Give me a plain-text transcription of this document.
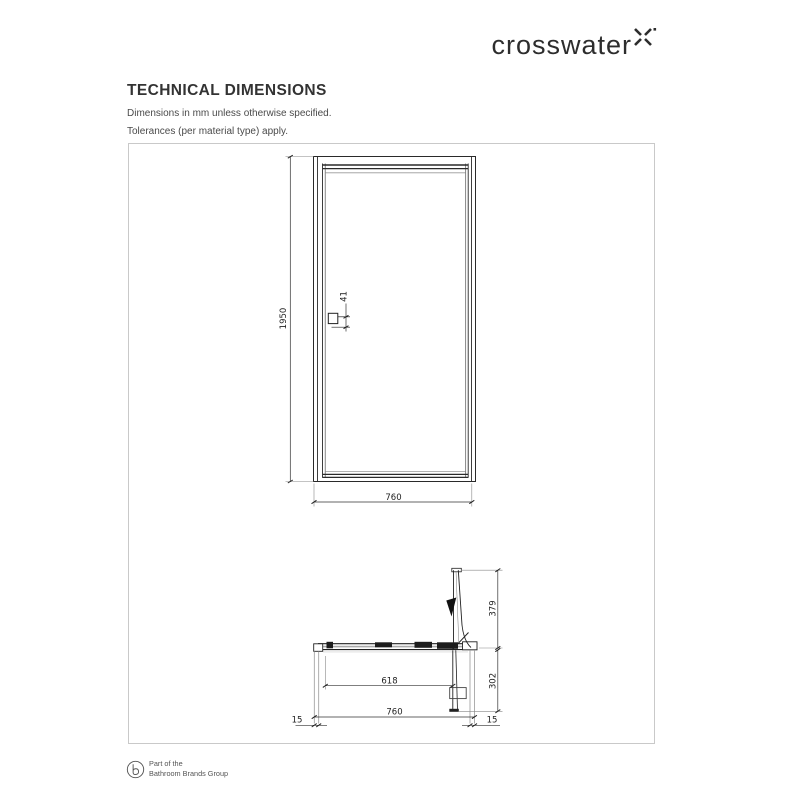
crosswater
TECHNICAL DIMENSIONS

Dimensions in mm unless otherwise specified.

Tolerances (per material type) apply.

41
1950
760
379
302
618
760
15	15
Part of the
Bathroom Brands Group
